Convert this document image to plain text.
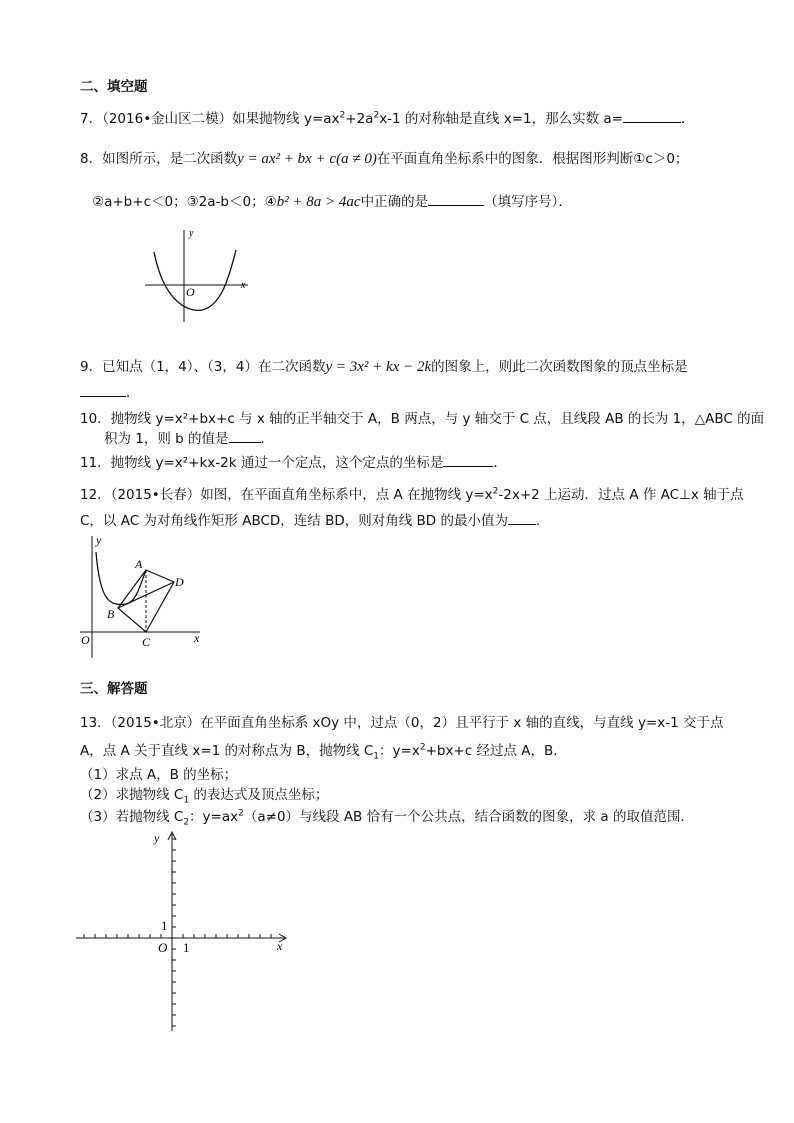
二、填空题
7．（2016•金山区二模）如果抛物线 $y=ax^2+2a^2x-1$ 的对称轴是直线 x=1，那么实数 a=	．
8．如图所示，是二次函数y = ax² + bx + c(a ≠ 0)在平面直角坐标系中的图象．根据图形判断①c＞0；
②a+b+c＜0；③2a-b＜0；④b² + 8a > 4ac中正确的是	（填写序号）．
y
x
O
9．已知点（1，4）、（3，4）在二次函数y = 3x² + kx − 2k的图象上，则此二次函数图象的顶点坐标是
．
10．抛物线 y=x²+bx+c 与 x 轴的正半轴交于 A，B 两点，与 y 轴交于 C 点，且线段 AB 的长为 1，△ABC 的面
积为 1，则 b 的值是 ．
11．抛物线 y=x²+kx-2k 通过一个定点，这个定点的坐标是	．
12．（2015•长春）如图，在平面直角坐标系中，点 A 在抛物线 $y=x^2-2x+2$ 上运动．过点 A 作 AC⊥x 轴于点
C，以 AC 为对角线作矩形 ABCD，连结 BD，则对角线 BD 的最小值为 ．
y
x
O
A
B
C
D
三、解答题
13．（2015•北京）在平面直角坐标系 xOy 中，过点（0，2）且平行于 x 轴的直线，与直线 y=x-1 交于点
A，点 A 关于直线 x=1 的对称点为 B，抛物线 $C_1$：$y=x^2+bx+c$ 经过点 A，B．
（1）求点 A，B 的坐标；
（2）求抛物线 $C_1$ 的表达式及顶点坐标；
（3）若抛物线 $C_2$：$y=ax^2(a\ne 0)$与线段 AB 恰有一个公共点，结合函数的图象，求 a 的取值范围．
y
x
O 1
1
